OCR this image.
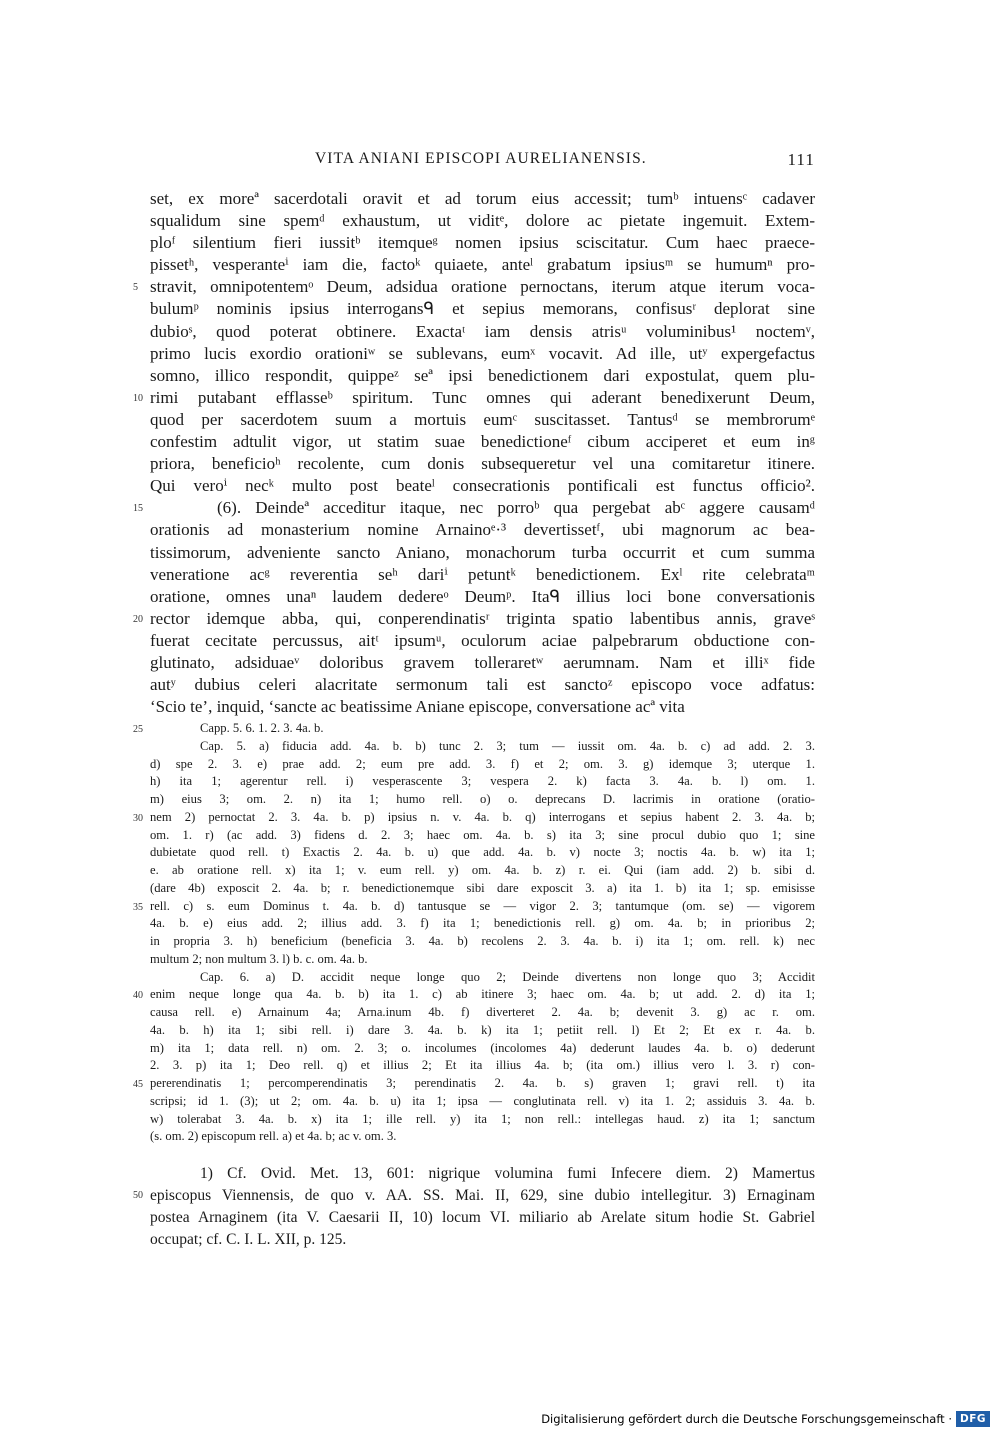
VITA ANIANI EPISCOPI AURELIANENSIS.	111
set, ex moreª sacerdotali oravit et ad torum eius accessit; tumᵇ intuensᶜ cadaver
squalidum sine spemᵈ exhaustum, ut viditᵉ, dolore ac pietate ingemuit. Extem-
ploᶠ silentium fieri iussitᵇ itemqueᵍ nomen ipsius sciscitatur. Cum haec praece-
pissetʰ, vesperanteⁱ iam die, factoᵏ quiaete, anteˡ grabatum ipsiusᵐ se humumⁿ pro-
5 stravit, omnipotentemᵒ Deum, adsidua oratione pernoctans, iterum atque iterum voca-
bulumᵖ nominis ipsius interrogansᑫ et sepius memorans, confisusʳ deplorat sine
dubioˢ, quod poterat obtinere. Exactaᵗ iam densis atrisᵘ voluminibus¹ noctemᵛ,
primo lucis exordio orationiʷ se sublevans, eumˣ vocavit. Ad ille, utʸ expergefactus
somno, illico respondit, quippeᶻ seª ipsi benedictionem dari expostulat, quem plu-
10 rimi putabant efflasseᵇ spiritum. Tunc omnes qui aderant benedixerunt Deum,
quod per sacerdotem suum a mortuis eumᶜ suscitasset. Tantusᵈ se membrorumᵉ
confestim adtulit vigor, ut statim suae benedictioneᶠ cibum acciperet et eum inᵍ
priora, beneficioʰ recolente, cum donis subsequeretur vel una comitaretur itinere.
Qui veroⁱ necᵏ multo post beateˡ consecrationis pontificali est functus officio².
15	(6). Deindeª acceditur itaque, nec porroᵇ qua pergebat abᶜ aggere causamᵈ
orationis ad monasterium nomine Arnainoᵉ·³ devertissetᶠ, ubi magnorum ac bea-
tissimorum, adveniente sancto Aniano, monachorum turba occurrit et cum summa
veneratione acᵍ reverentia seʰ dariⁱ petuntᵏ benedictionem. Exˡ rite celebrataᵐ
oratione, omnes unaⁿ laudem dedereᵒ Deumᵖ. Itaᑫ illius loci bone conversationis
20 rector idemque abba, qui, conperendinatisʳ triginta spatio labentibus annis, graveˢ
fuerat cecitate percussus, aitᵗ ipsumᵘ, oculorum aciae palpebrarum obductione con-
glutinato, adsiduaeᵛ doloribus gravem tolleraretʷ aerumnam. Nam et illiˣ fide
autʸ dubius celeri alacritate sermonum tali est sanctoᶻ episcopo voce adfatus:
‘Scio te’, inquid, ‘sancte ac beatissime Aniane episcope, conversatione acª vita
25	Capp. 5. 6. 1. 2. 3. 4a. b.
Cap. 5. a) fiducia add. 4a. b. b) tunc 2. 3; tum — iussit om. 4a. b. c) ad add. 2. 3.
d) spe 2. 3. e) prae add. 2; eum pre add. 3. f) et 2; om. 3. g) idemque 3; uterque 1.
h) ita 1; agerentur rell. i) vesperascente 3; vespera 2. k) facta 3. 4a. b. l) om. 1.
m) eius 3; om. 2. n) ita 1; humo rell. o) o. deprecans D. lacrimis in oratione (oratio-
30 nem 2) pernoctat 2. 3. 4a. b. p) ipsius n. v. 4a. b. q) interrogans et sepius habent 2. 3. 4a. b;
om. 1. r) (ac add. 3) fidens d. 2. 3; haec om. 4a. b. s) ita 3; sine procul dubio quo 1; sine
dubietate quod rell. t) Exactis 2. 4a. b. u) que add. 4a. b. v) nocte 3; noctis 4a. b. w) ita 1;
e. ab oratione rell. x) ita 1; v. eum rell. y) om. 4a. b. z) r. ei. Qui (iam add. 2) b. sibi d.
(dare 4b) exposcit 2. 4a. b; r. benedictionemque sibi dare exposcit 3. a) ita 1. b) ita 1; sp. emisisse
35 rell. c) s. eum Dominus t. 4a. b. d) tantusque se — vigor 2. 3; tantumque (om. se) — vigorem
4a. b. e) eius add. 2; illius add. 3. f) ita 1; benedictionis rell. g) om. 4a. b; in prioribus 2;
in propria 3. h) beneficium (beneficia 3. 4a. b) recolens 2. 3. 4a. b. i) ita 1; om. rell. k) nec
multum 2; non multum 3. l) b. c. om. 4a. b.
Cap. 6. a) D. accidit neque longe quo 2; Deinde divertens non longe quo 3; Accidit
40 enim neque longe qua 4a. b. b) ita 1. c) ab itinere 3; haec om. 4a. b; ut add. 2. d) ita 1;
causa rell. e) Arnainum 4a; Arna.inum 4b. f) diverteret 2. 4a. b; devenit 3. g) ac r. om.
4a. b. h) ita 1; sibi rell. i) dare 3. 4a. b. k) ita 1; petiit rell. l) Et 2; Et ex r. 4a. b.
m) ita 1; data rell. n) om. 2. 3; o. incolumes (incolomes 4a) dederunt laudes 4a. b. o) dederunt
2. 3. p) ita 1; Deo rell. q) et illius 2; Et ita illius 4a. b; (ita om.) illius vero l. 3. r) con-
45 pererendinatis 1; percomperendinatis 3; perendinatis 2. 4a. b. s) graven 1; gravi rell. t) ita
scripsi; id 1. (3); ut 2; om. 4a. b. u) ita 1; ipsa — conglutinata rell. v) ita 1. 2; assiduis 3. 4a. b.
w) tolerabat 3. 4a. b. x) ita 1; ille rell. y) ita 1; non rell.: intellegas haud. z) ita 1; sanctum
(s. om. 2) episcopum rell. a) et 4a. b; ac v. om. 3.
1) Cf. Ovid. Met. 13, 601: nigrique volumina fumi Infecere diem. 2) Mamertus
50 episcopus Viennensis, de quo v. AA. SS. Mai. II, 629, sine dubio intellegitur. 3) Ernaginam
postea Arnaginem (ita V. Caesarii II, 10) locum VI. miliario ab Arelate situm hodie St. Gabriel
occupat; cf. C. I. L. XII, p. 125.
Digitalisierung gefördert durch die Deutsche Forschungsgemeinschaft · DFG
